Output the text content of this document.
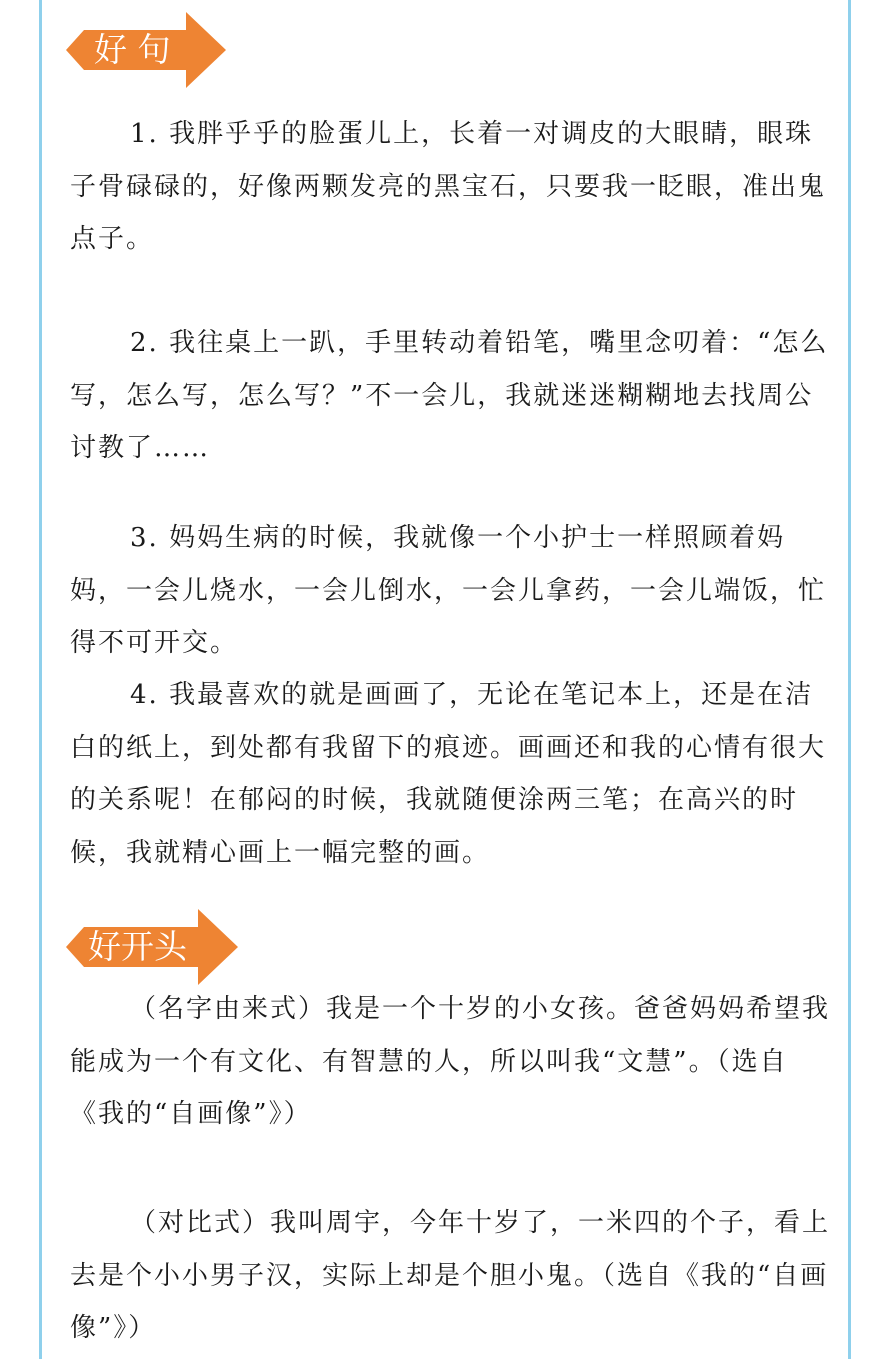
好 句

1. 我胖乎乎的脸蛋儿上，长着一对调皮的大眼睛，眼珠子骨碌碌的，好像两颗发亮的黑宝石，只要我一眨眼，准出鬼点子。

2. 我往桌上一趴，手里转动着铅笔，嘴里念叨着：“怎么写，怎么写，怎么写？”不一会儿，我就迷迷糊糊地去找周公讨教了……

3. 妈妈生病的时候，我就像一个小护士一样照顾着妈妈，一会儿烧水，一会儿倒水，一会儿拿药，一会儿端饭，忙得不可开交。

4. 我最喜欢的就是画画了，无论在笔记本上，还是在洁白的纸上，到处都有我留下的痕迹。画画还和我的心情有很大的关系呢！在郁闷的时候，我就随便涂两三笔；在高兴的时候，我就精心画上一幅完整的画。

好开头

（名字由来式）我是一个十岁的小女孩。爸爸妈妈希望我能成为一个有文化、有智慧的人，所以叫我“文慧”。（选自《我的“自画像”》）

（对比式）我叫周宇，今年十岁了，一米四的个子，看上去是个小小男子汉，实际上却是个胆小鬼。（选自《我的“自画像”》）
